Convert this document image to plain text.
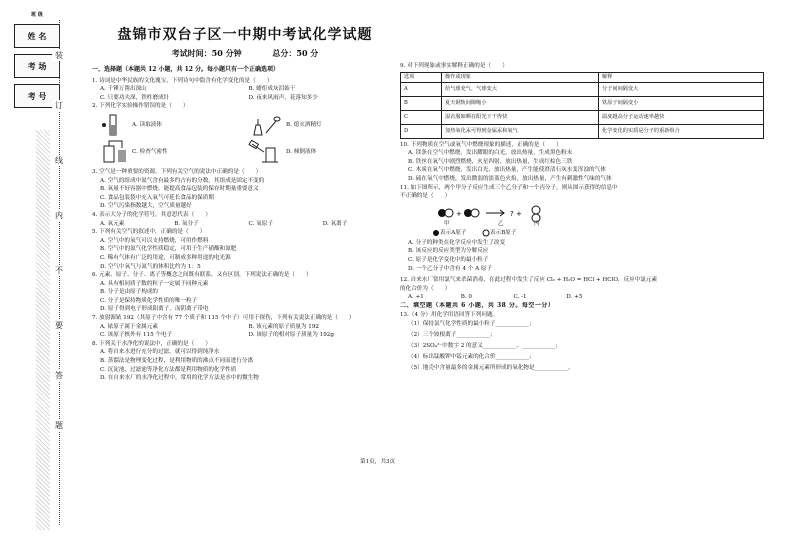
班 级
姓 名
考 场
考 号
装
订
线
内
不
要
答
题
盘锦市双台子区一中期中考试化学试题
考试时间：50 分钟	总分：50 分
一、选择题（本题共 12 小题，共 12 分。每小题只有一个正确选项）

1. 诗词是中华民族的文化瑰宝，下列诗句中隐含有化学变化的是（　　）

A. 千锤万凿出深山	B. 蜡炬成灰泪始干
C. 只要功夫深，铁杵磨成针	D. 夜来风雨声，花落知多少

2. 下列化学实验操作错误的是（　　）

A. 读取液体	B. 熄灭酒精灯
C. 检查气密性	D. 倾倒液体

3. 空气是一种重要的资源。下列有关空气的说法中正确的是（　　）

A. 空气的组成中氮气含有最多约占有的分数，其组成是固定不变的

B. 氧量不好容器中燃烧，能提高食品包装的保存时期量重要意义

C. 食品包装袋中充入氧气可延长食品的保质期

D. 空气污染指数越大，空气质量越好

4. 表示大分子的化学符号，其意思代表（　　）

A. 氧元素	B. 氧分子	C. 氧原子	D. 氧离子

5. 下列有关空气的叙述中，正确的是（　　）

A. 空气中的氧气可以支持燃烧，可用作燃料

B. 空气中的氮气化学性质稳定，可用于生产硝酸和氮肥

C. 稀有气体有广泛的用途，可制成多种用途的电光源

D. 空气中氧气与氮气的体积比约为 1：5

6. 元素、原子、分子、离子等概念之间既有联系，又有区别，下列说法正确的是（　　）

A. 具有相同质子数的粒子一定属于同种元素

B. 分子是由原子构成的

C. 分子是保持物质化学性质的唯一粒子

D. 原子得到电子形成阳离子，而阴离子带电

7. 放射源铱 192（其原子中含有 77 个质子和 115 个中子）可用于探伤，下列有关说法正确的是（　　）

A. 铱原子属于金属元素	B. 该元素的原子质量为 192
C. 该原子核外有 115 个电子	D. 该原子的相对原子质量为 192g

8. 下列关于水净化的说法中，正确的是（　　）

A. 将自来水进行充分的过滤，就可以得到纯净水

B. 蒸馏法是物理变化过程，是利用物质的沸点不同而进行分离

C. 沉淀池、过滤池等净化方法都是利用物质的化学性质

D. 在自来水厂的水净化过程中，常用的化学方法是水中的微生物

9. 对下列现象或事实解释正确的是（　　）

选项	操作或现象	解释
A	给气球充气，气球变大	分子间间隔变大
B	夏天钢轨间隙缩小	铁原子间隔变小
C	湿衣服晾晒在阳光下干得快	温度越高分子运动速率越快
D	加热氧化汞可得到金属汞和氧气	化学变化的实质是分子的重新组合

10. 下列物质在空气或氧气中燃烧现象的描述，正确的是（　　）

A. 镁条在空气中燃烧，发出耀眼的白光，放出热量，生成黑色粉末

B. 铁丝在氧气中剧烈燃烧，火星四射，放出热量，生成红棕色三铁

C. 木炭在氧气中燃烧，发出白光，放出热量，产生能使澄清石灰水变浑浊的气体

D. 硫在氧气中燃烧，发出微弱的淡蓝色火焰，放出热量，产生有刺激性气味的气体

11. 如下图所示，两个甲分子反应生成三个乙分子和一个丙分子，则从图示获得的信息中

不正确的是（　　）

+	? +
甲	乙	丙
表示A原子	表示B原子

A. 分子的种类在化学反应中发生了改变

B. 该反应的反应类型为分解反应

C. 原子是化学变化中的最小粒子

D. 一个乙分子中含有 4 个 A 原子

12. 自来水厂常用氯气来杀菌消毒，在此过程中发生了反应 Cl₂ + H₂O = HCl + HClO，反应中氯元素

的化合价为（　　）

A. +1	B. 0	C. -1	D. +5

二、填空题（本题共 6 小题，共 38 分。每空一分）

13.（4 分）用化学用语回答下列问题。

（1）保持氯气化学性质的最小粒子____________；

（2）三个铵根离子____________；

（3）2SO₄²⁻中数字 2 的意义____________、____________；

（4）标出锰酸钾中锰元素的化合价____________；

（5）地壳中含量最多的金属元素所形成的氧化物是____________。

第1页，共3页
